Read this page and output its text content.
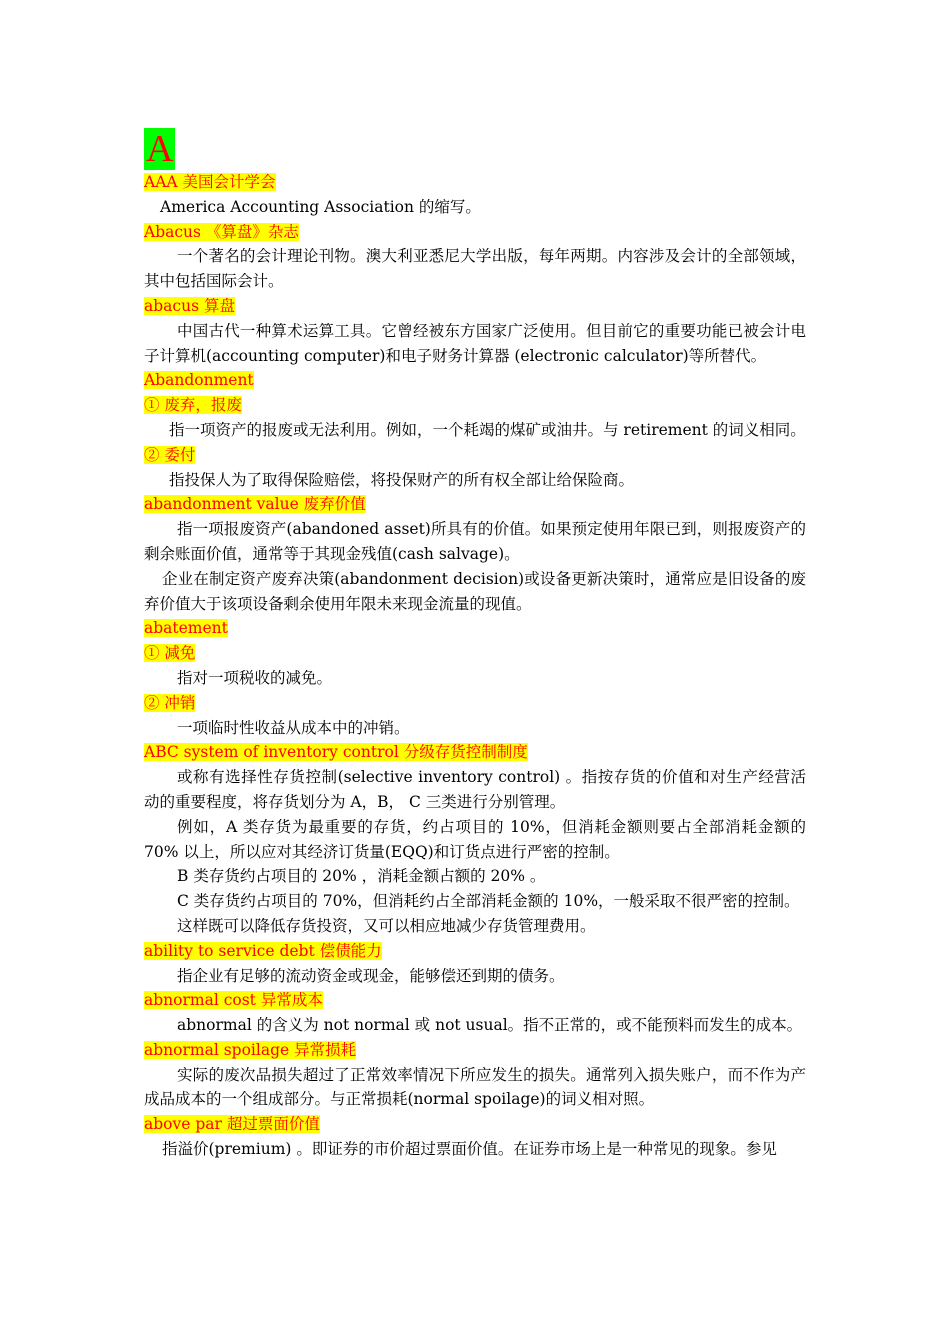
A
AAA 美国会计学会

America Accounting Association 的缩写。

Abacus 《算盘》杂志

一个著名的会计理论刊物。澳大利亚悉尼大学出版，每年两期。内容涉及会计的全部领域，其中包括国际会计。

abacus 算盘

中国古代一种算术运算工具。它曾经被东方国家广泛使用。但目前它的重要功能已被会计电子计算机(accounting computer)和电子财务计算器 (electronic calculator)等所替代。

Abandonment
① 废弃，报废

指一项资产的报废或无法利用。例如，一个耗竭的煤矿或油井。与 retirement 的词义相同。

② 委付

指投保人为了取得保险赔偿，将投保财产的所有权全部让给保险商。

abandonment value 废弃价值

指一项报废资产(abandoned asset)所具有的价值。如果预定使用年限已到，则报废资产的剩余账面价值，通常等于其现金残值(cash salvage)。

企业在制定资产废弃决策(abandonment decision)或设备更新决策时，通常应是旧设备的废弃价值大于该项设备剩余使用年限未来现金流量的现值。

abatement
① 减免

指对一项税收的减免。

② 冲销

一项临时性收益从成本中的冲销。

ABC system of inventory control 分级存货控制制度

或称有选择性存货控制(selective inventory control) 。指按存货的价值和对生产经营活动的重要程度，将存货划分为 A，B， C 三类进行分别管理。

例如，A 类存货为最重要的存货，约占项目的 10%，但消耗金额则要占全部消耗金额的 70% 以上，所以应对其经济订货量(EQQ)和订货点进行严密的控制。

B 类存货约占项目的 20% ，消耗金额占额的 20% 。

C 类存货约占项目的 70%，但消耗约占全部消耗金额的 10%，一般采取不很严密的控制。

这样既可以降低存货投资，又可以相应地减少存货管理费用。

ability to service debt 偿债能力

指企业有足够的流动资金或现金，能够偿还到期的债务。

abnormal cost 异常成本

abnormal 的含义为 not normal 或 not usual。指不正常的，或不能预料而发生的成本。

abnormal spoilage 异常损耗

实际的废次品损失超过了正常效率情况下所应发生的损失。通常列入损失账户，而不作为产成品成本的一个组成部分。与正常损耗(normal spoilage)的词义相对照。

above par 超过票面价值

指溢价(premium) 。即证券的市价超过票面价值。在证券市场上是一种常见的现象。参见
